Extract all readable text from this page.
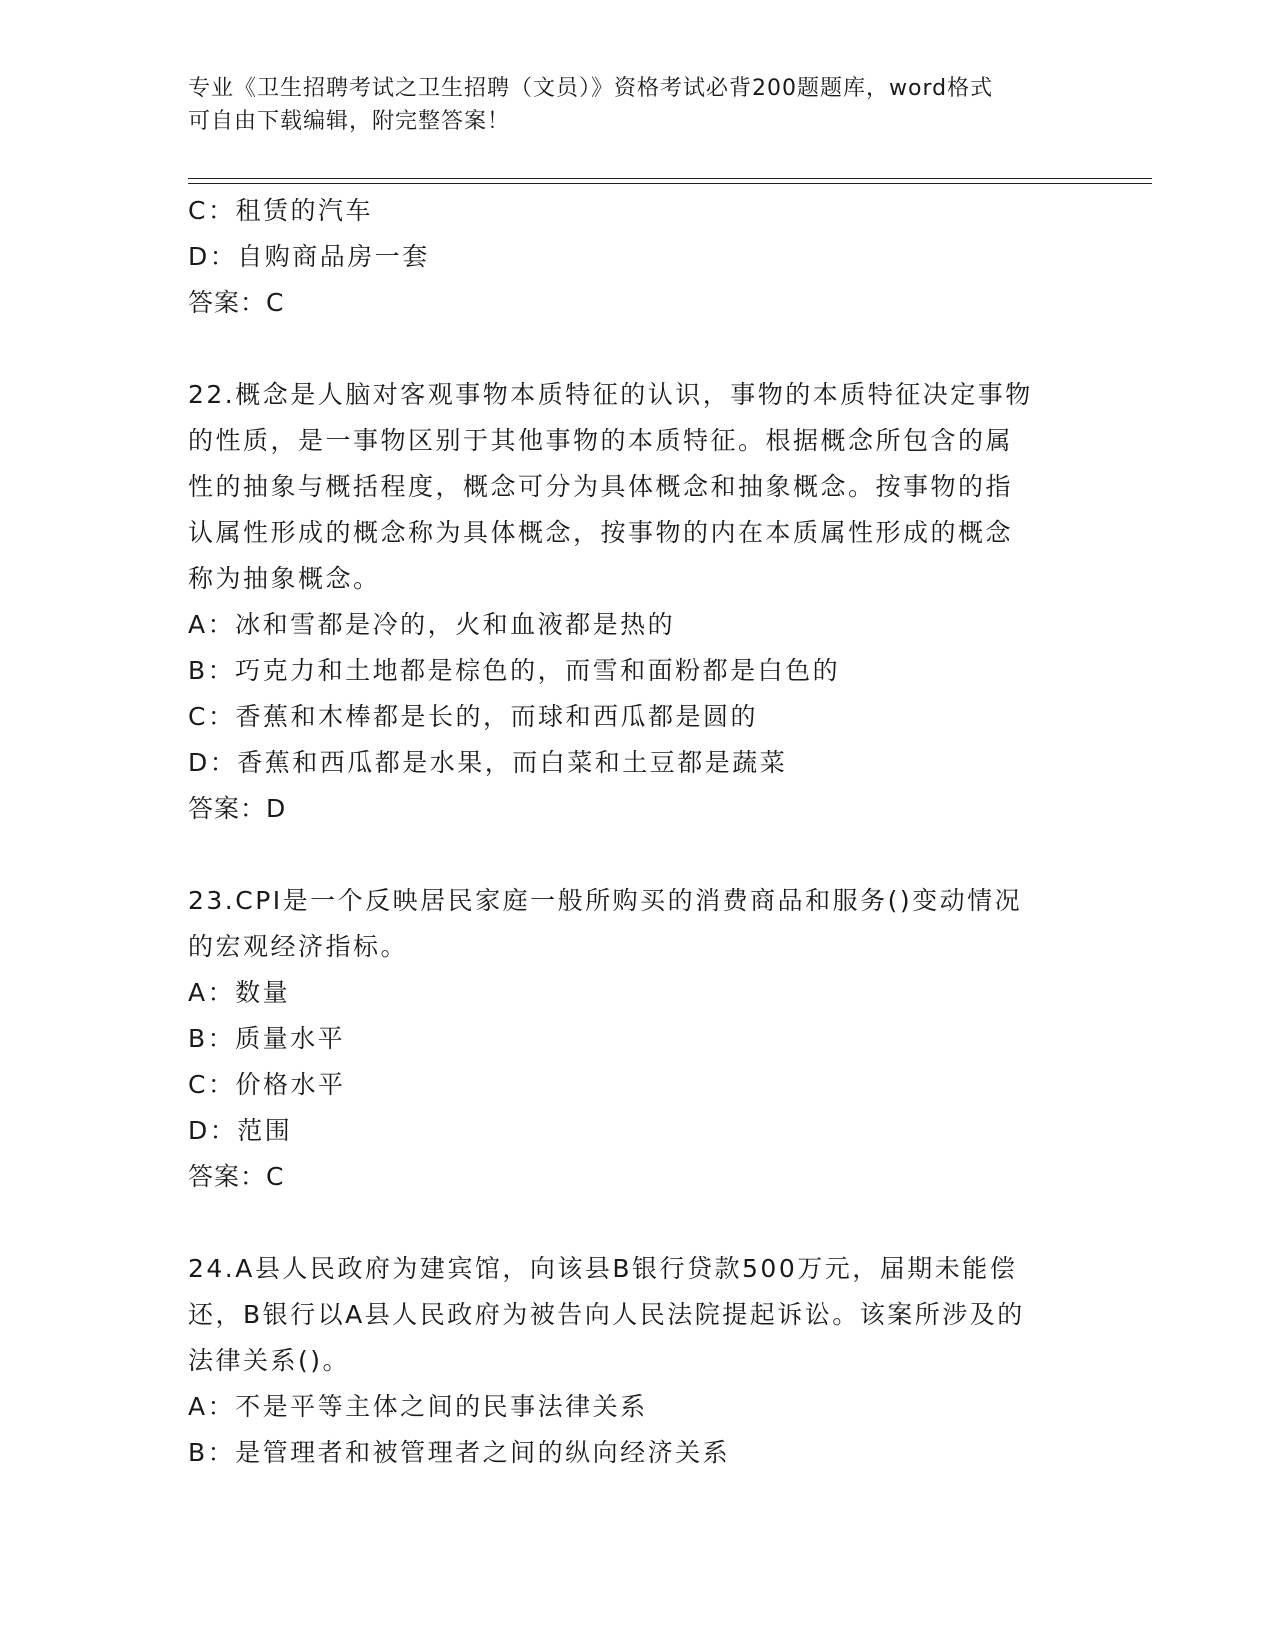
专业《卫生招聘考试之卫生招聘（文员）》资格考试必背200题题库，word格式
可自由下载编辑，附完整答案！
C：租赁的汽车
D：自购商品房一套
答案：C
22.概念是人脑对客观事物本质特征的认识，事物的本质特征决定事物
的性质，是一事物区别于其他事物的本质特征。根据概念所包含的属
性的抽象与概括程度，概念可分为具体概念和抽象概念。按事物的指
认属性形成的概念称为具体概念，按事物的内在本质属性形成的概念
称为抽象概念。
A：冰和雪都是冷的，火和血液都是热的
B：巧克力和土地都是棕色的，而雪和面粉都是白色的
C：香蕉和木棒都是长的，而球和西瓜都是圆的
D：香蕉和西瓜都是水果，而白菜和土豆都是蔬菜
答案：D
23.CPI是一个反映居民家庭一般所购买的消费商品和服务()变动情况
的宏观经济指标。
A：数量
B：质量水平
C：价格水平
D：范围
答案：C
24.A县人民政府为建宾馆，向该县B银行贷款500万元，届期未能偿
还，B银行以A县人民政府为被告向人民法院提起诉讼。该案所涉及的
法律关系()。
A：不是平等主体之间的民事法律关系
B：是管理者和被管理者之间的纵向经济关系
